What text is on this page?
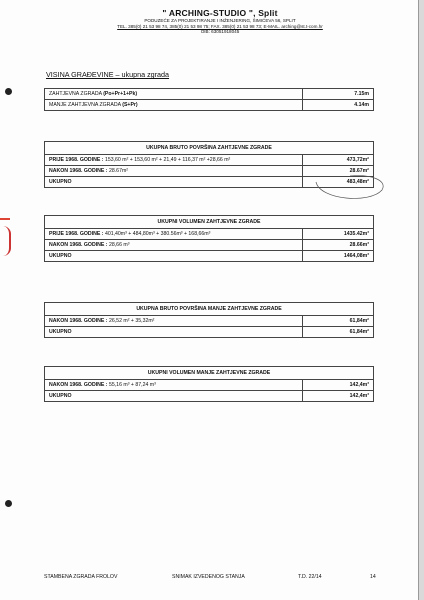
" ARCHING-STUDIO ", Split
PODUZEĆE ZA PROJEKTIRANJE I INŽENJERING, ŠIMIĆEVA 56, SPLIT
TEL. 385(0) 21 53 98 74, 385(0) 21 53 98 75; FAX. 385(0) 21 53 98 73; E-MAIL. arching@st.t-com.hr
OIB: 63051918045
VISINA GRAĐEVINE – ukupna zgrada
ZAHTJEVNA ZGRADA (Po+Pr+1+Pk)	7.15m
MANJE ZAHTJEVNA ZGRADA (S+Pr)	4.14m
UKUPNA BRUTO POVRŠINA ZAHTJEVNE ZGRADE	
PRIJE 1968. GODINE : 153,60 m² + 153,60 m² + 21,49 + 116,37 m² +28,66 m²	473,72m²
NAKON 1968. GODINE : 28.67m²	28.67m²
UKUPNO	483,48m²
UKUPNI VOLUMEN ZAHTJEVNE ZGRADE	
PRIJE 1968. GODINE : 401,40m³ + 484,80m³ + 380.56m³ + 168,66m³	1435.42m³
NAKON 1968. GODINE : 28,66 m³	28.66m³
UKUPNO	1464,08m³
UKUPNA BRUTO POVRŠINA MANJE ZAHTJEVNE ZGRADE	
NAKON 1968. GODINE : 26,52 m² + 35,32m²	61,84m²
UKUPNO	61,84m²
UKUPNI VOLUMEN MANJE ZAHTJEVNE ZGRADE	
NAKON 1968. GODINE : 55,16 m³ + 87,24 m³	142,4m³
UKUPNO	142,4m³
STAMBENA ZGRADA FROLOV	SNIMAK IZVEDENOG STANJA	T.D. 22/14	14
